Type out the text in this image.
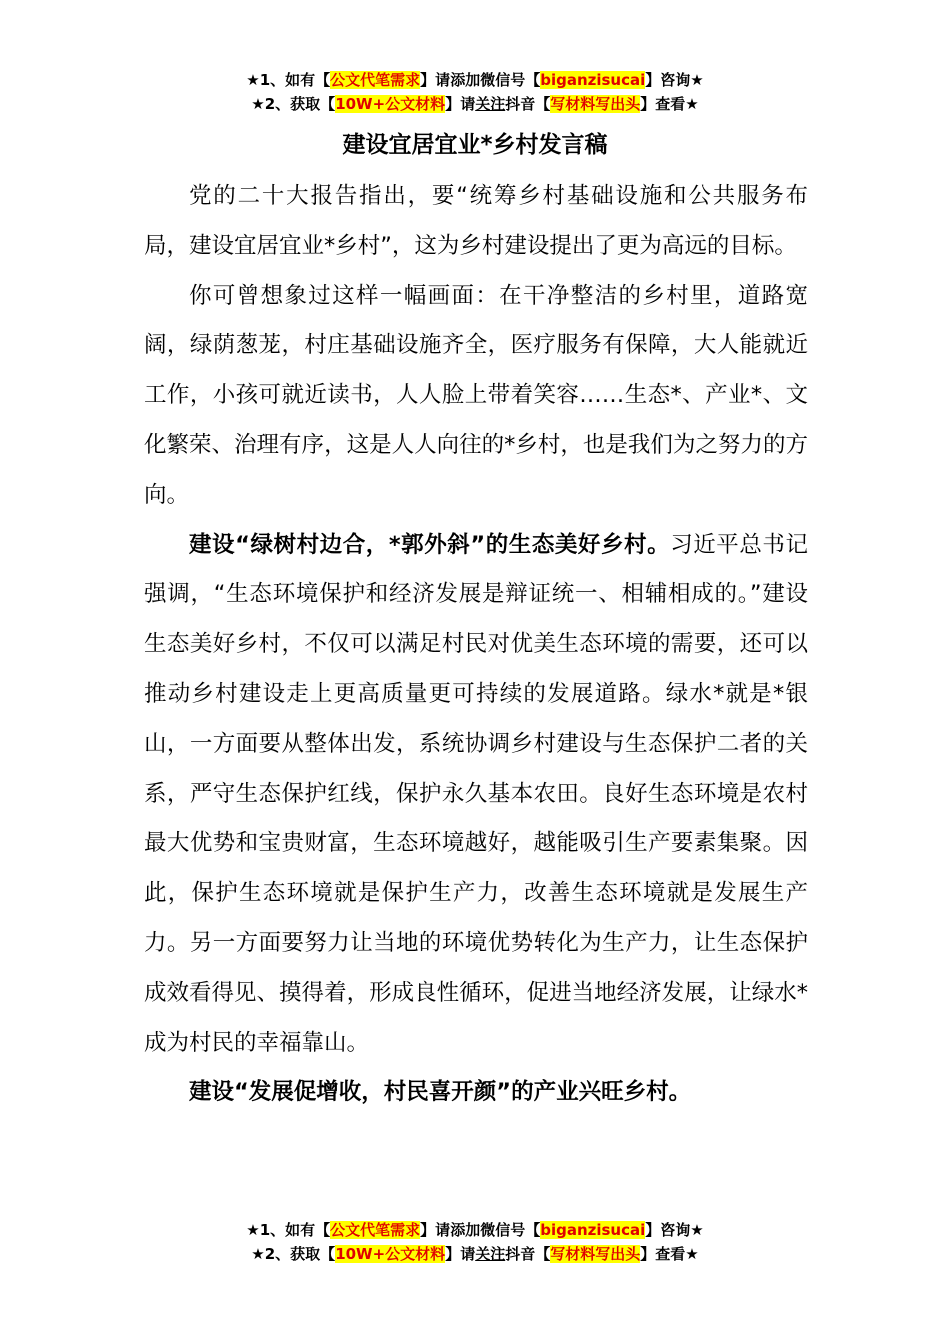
★1、如有【公文代笔需求】请添加微信号【biganzisucai】咨询★
★2、获取【10W+公文材料】请关注抖音【写材料写出头】查看★
建设宜居宜业*乡村发言稿

党的二十大报告指出，要“统筹乡村基础设施和公共服务布局，建设宜居宜业*乡村”，这为乡村建设提出了更为高远的目标。

你可曾想象过这样一幅画面：在干净整洁的乡村里，道路宽阔，绿荫葱茏，村庄基础设施齐全，医疗服务有保障，大人能就近工作，小孩可就近读书，人人脸上带着笑容……生态*、产业*、文化繁荣、治理有序，这是人人向往的*乡村，也是我们为之努力的方向。

建设“绿树村边合，*郭外斜”的生态美好乡村。习近平总书记强调，“生态环境保护和经济发展是辩证统一、相辅相成的。”建设生态美好乡村，不仅可以满足村民对优美生态环境的需要，还可以推动乡村建设走上更高质量更可持续的发展道路。绿水*就是*银山，一方面要从整体出发，系统协调乡村建设与生态保护二者的关系，严守生态保护红线，保护永久基本农田。良好生态环境是农村最大优势和宝贵财富，生态环境越好，越能吸引生产要素集聚。因此，保护生态环境就是保护生产力，改善生态环境就是发展生产力。另一方面要努力让当地的环境优势转化为生产力，让生态保护成效看得见、摸得着，形成良性循环，促进当地经济发展，让绿水*成为村民的幸福靠山。

建设“发展促增收，村民喜开颜”的产业兴旺乡村。

★1、如有【公文代笔需求】请添加微信号【biganzisucai】咨询★
★2、获取【10W+公文材料】请关注抖音【写材料写出头】查看★
